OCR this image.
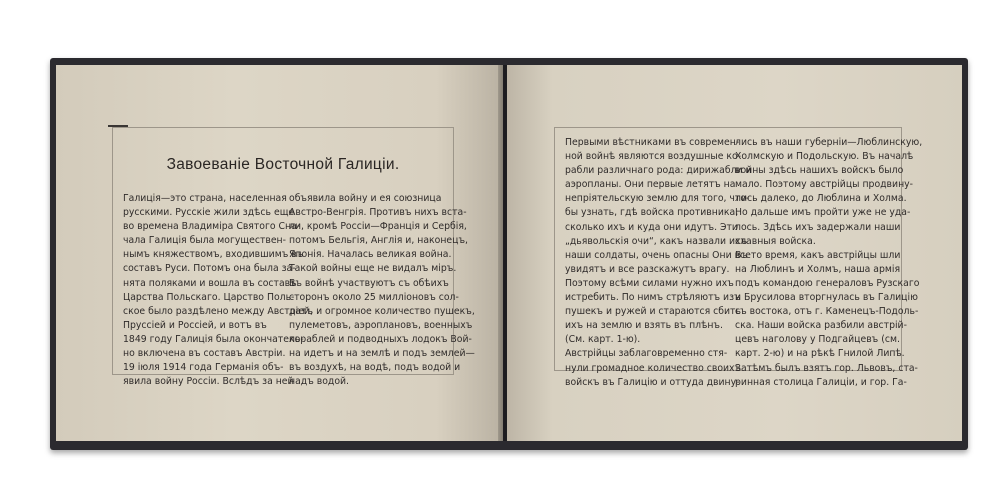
Завоеванie Восточной Галицiи.
Галицiя—это страна, населенная
русскими. Русскiе жили здѣсь еще
во времена Владимiра Святого Сна-
чала Галицiя была могуществен-
нымъ княжествомъ, входившимъ въ
составъ Руси. Потомъ она была за-
нята поляками и вошла въ составъ
Царства Польскаго. Царство Поль-
ское было раздѣлено между Австрiей,
Пруссiей и Россiей, и вотъ въ
1849 году Галицiя была окончатель-
но включена въ составъ Австрiи.
19 iюля 1914 года Германiя объ-
явила войну Россiи. Вслѣдъ за ней
объявила войну и ея союзница
Австро-Венгрiя. Противъ нихъ вста-
ли, кромѣ Россiи—Францiя и Сербiя,
потомъ Бельгiя, Англiя и, наконецъ,
Японiя. Началась великая война.
Такой войны еще не видалъ мiръ.
Въ войнѣ участвуютъ съ обѣихъ
сторонъ около 25 миллiоновъ сол-
датъ и огромное количество пушекъ,
пулеметовъ, аэроплановъ, военныхъ
кораблей и подводныхъ лодокъ Вой-
на идетъ и на землѣ и подъ землей—
въ воздухѣ, на водѣ, подъ водой и
надъ водой.
Первыми вѣстниками въ современ-
ной войнѣ являются воздушные ко-
рабли различнаго рода: дирижабли и
аэропланы. Они первые летятъ на
непрiятельскую землю для того, что-
бы узнать, гдѣ войска противника,
сколько ихъ и куда они идутъ. Эти
„дьявольскiя очи“, какъ назвали ихъ
наши солдаты, очень опасны Они все
увидятъ и все разскажутъ врагу.
Поэтому всѣми силами нужно ихъ
истребить. По нимъ стрѣляютъ изъ
пушекъ и ружей и стараются сбить
ихъ на землю и взять въ плѣнъ.
(См. карт. 1-ю).
Австрiйцы заблаговременно стя-
нули громадное количество своихъ
войскъ въ Галицiю и оттуда двину-
лись въ наши губернiи—Люблинскую,
Холмскую и Подольскую. Въ началѣ
войны здѣсь нашихъ войскъ было
мало. Поэтому австрiйцы продвину-
лись далеко, до Люблина и Холма.
Но дальше имъ пройти уже не уда-
лось. Здѣсь ихъ задержали наши
славныя войска.
Въ то время, какъ австрiйцы шли
на Люблинъ и Холмъ, наша армiя
подъ командою генераловъ Рузскаго
и Брусилова вторгнулась въ Галицiю
съ востока, отъ г. Каменецъ-Подоль-
ска. Наши войска разбили австрiй-
цевъ наголову у Подгайцевъ (см.
карт. 2-ю) и на рѣкѣ Гнилой Липѣ.
Затѣмъ былъ взятъ гор. Львовъ, ста-
ринная столица Галицiи, и гор. Га-
